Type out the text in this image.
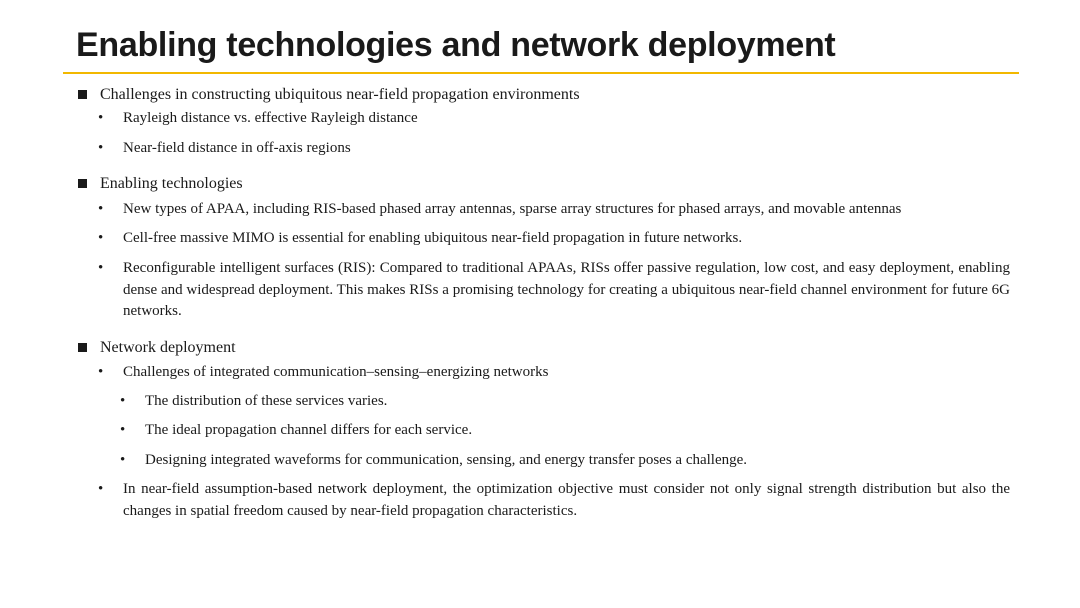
Enabling technologies and network deployment
Challenges in constructing ubiquitous near-field propagation environments
• Rayleigh distance vs. effective Rayleigh distance
• Near-field distance in off-axis regions
Enabling technologies
• New types of APAA, including RIS-based phased array antennas, sparse array structures for phased arrays, and movable antennas
• Cell-free massive MIMO is essential for enabling ubiquitous near-field propagation in future networks.
• Reconfigurable intelligent surfaces (RIS): Compared to traditional APAAs, RISs offer passive regulation, low cost, and easy deployment, enabling dense and widespread deployment. This makes RISs a promising technology for creating a ubiquitous near-field channel environment for future 6G networks.
Network deployment
• Challenges of integrated communication–sensing–energizing networks
• The distribution of these services varies.
• The ideal propagation channel differs for each service.
• Designing integrated waveforms for communication, sensing, and energy transfer poses a challenge.
• In near-field assumption-based network deployment, the optimization objective must consider not only signal strength distribution but also the changes in spatial freedom caused by near-field propagation characteristics.
